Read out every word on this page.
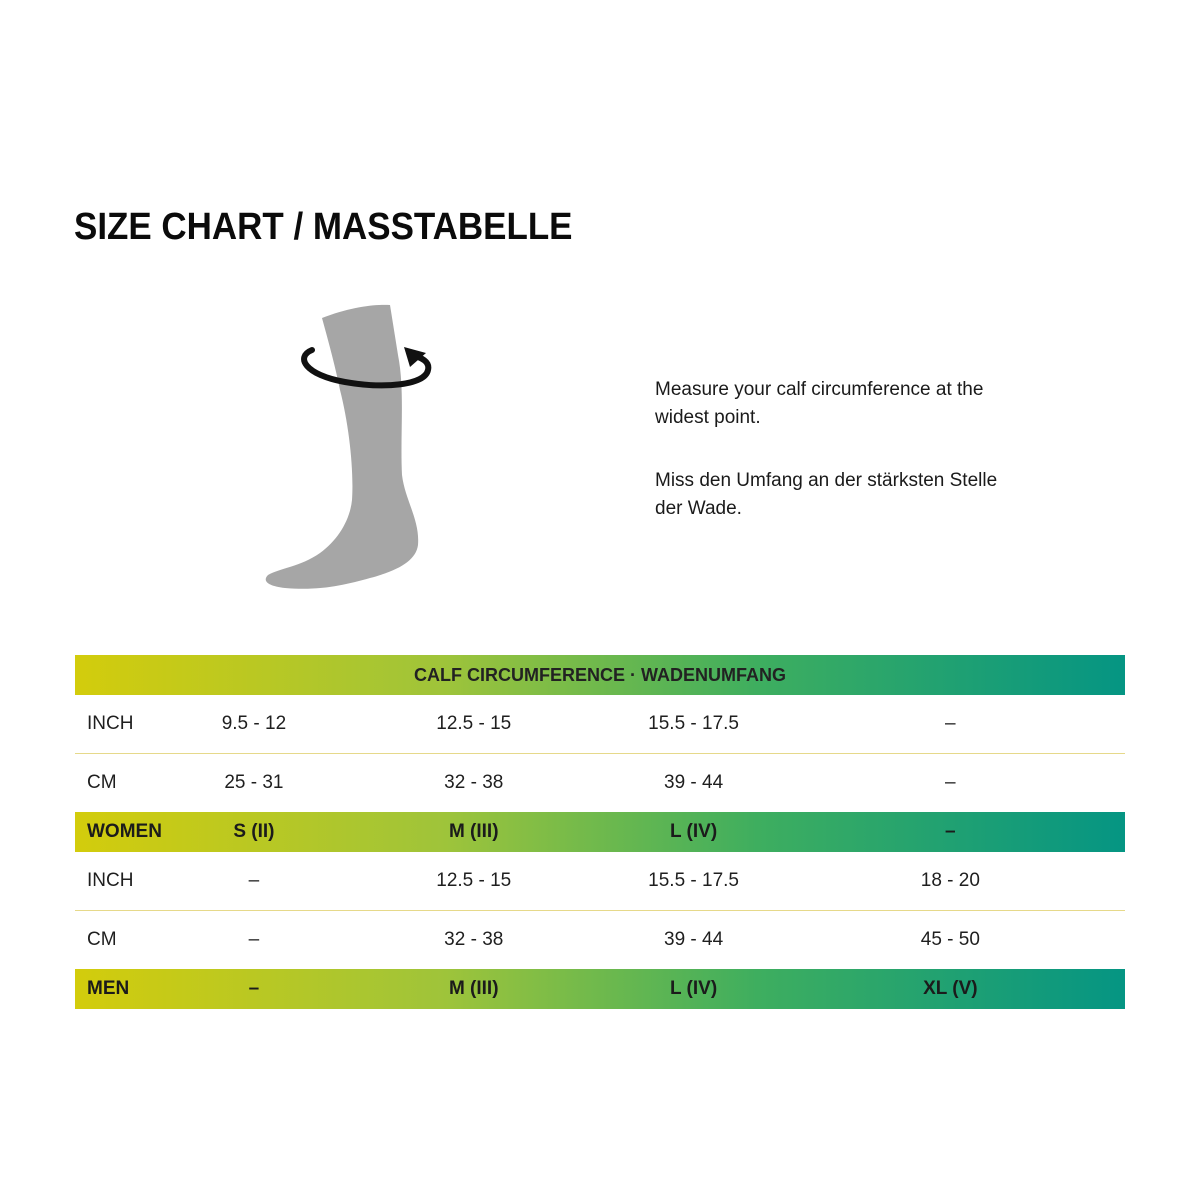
SIZE CHART / MASSTABELLE

Measure your calf circumference at the widest point.

Miss den Umfang an der stärksten Stelle der Wade.

CALF CIRCUMFERENCE · WADENUMFANG
INCH	9.5 - 12	12.5 - 15	15.5 - 17.5	–
CM	25 - 31	32 - 38	39 - 44	–
WOMEN	S (II)	M (III)	L (IV)	–
INCH	–	12.5 - 15	15.5 - 17.5	18 - 20
CM	–	32 - 38	39 - 44	45 - 50
MEN	–	M (III)	L (IV)	XL (V)
